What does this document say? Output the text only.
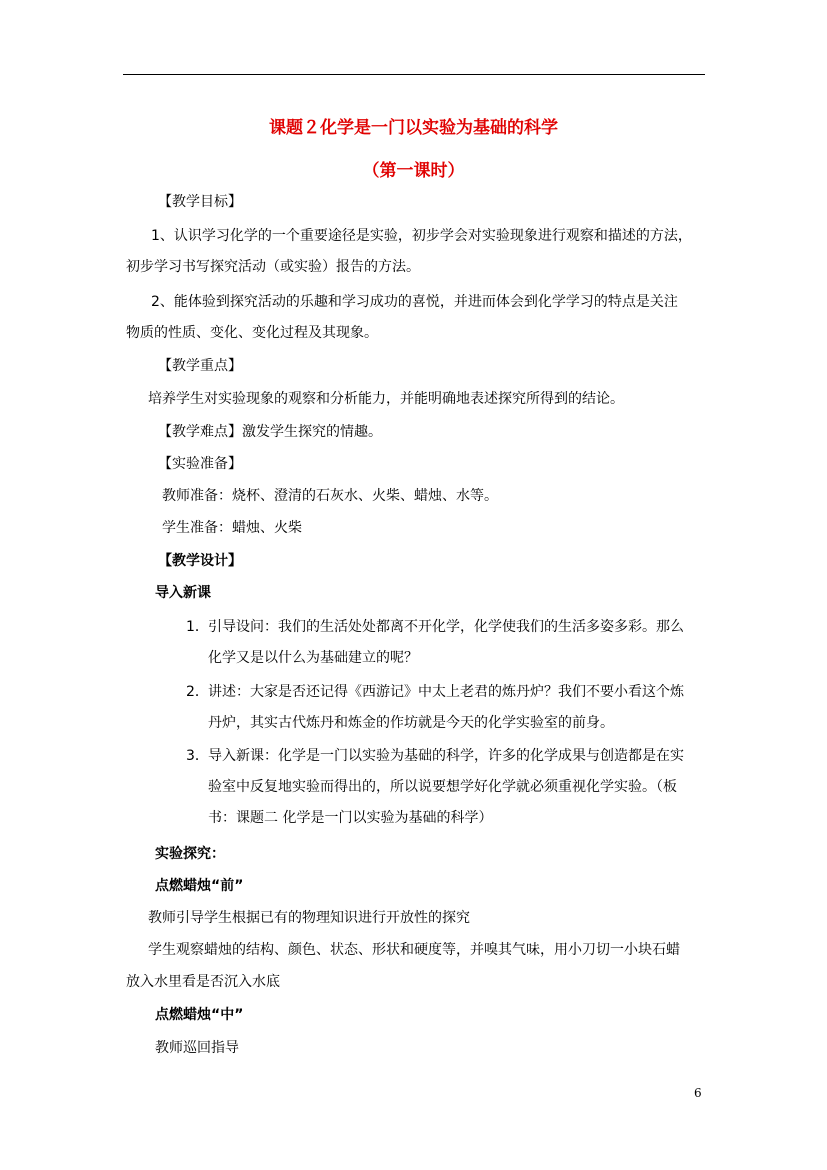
课题２化学是一门以实验为基础的科学
（第一课时）
【教学目标】
1、认识学习化学的一个重要途径是实验，初步学会对实验现象进行观察和描述的方法，
初步学习书写探究活动（或实验）报告的方法。
2、能体验到探究活动的乐趣和学习成功的喜悦，并进而体会到化学学习的特点是关注
物质的性质、变化、变化过程及其现象。
【教学重点】
培养学生对实验现象的观察和分析能力，并能明确地表述探究所得到的结论。
【教学难点】激发学生探究的情趣。
【实验准备】
教师准备：烧杯、澄清的石灰水、火柴、蜡烛、水等。
学生准备：蜡烛、火柴
【教学设计】
导入新课
1． 引导设问：我们的生活处处都离不开化学，化学使我们的生活多姿多彩。那么
化学又是以什么为基础建立的呢？
2． 讲述：大家是否还记得《西游记》中太上老君的炼丹炉？我们不要小看这个炼
丹炉，其实古代炼丹和炼金的作坊就是今天的化学实验室的前身。
3． 导入新课：化学是一门以实验为基础的科学，许多的化学成果与创造都是在实
验室中反复地实验而得出的，所以说要想学好化学就必须重视化学实验。（板
书：课题二 化学是一门以实验为基础的科学）
实验探究：
点燃蜡烛“前”
教师引导学生根据已有的物理知识进行开放性的探究
学生观察蜡烛的结构、颜色、状态、形状和硬度等，并嗅其气味，用小刀切一小块石蜡
放入水里看是否沉入水底
点燃蜡烛“中”
教师巡回指导
6
